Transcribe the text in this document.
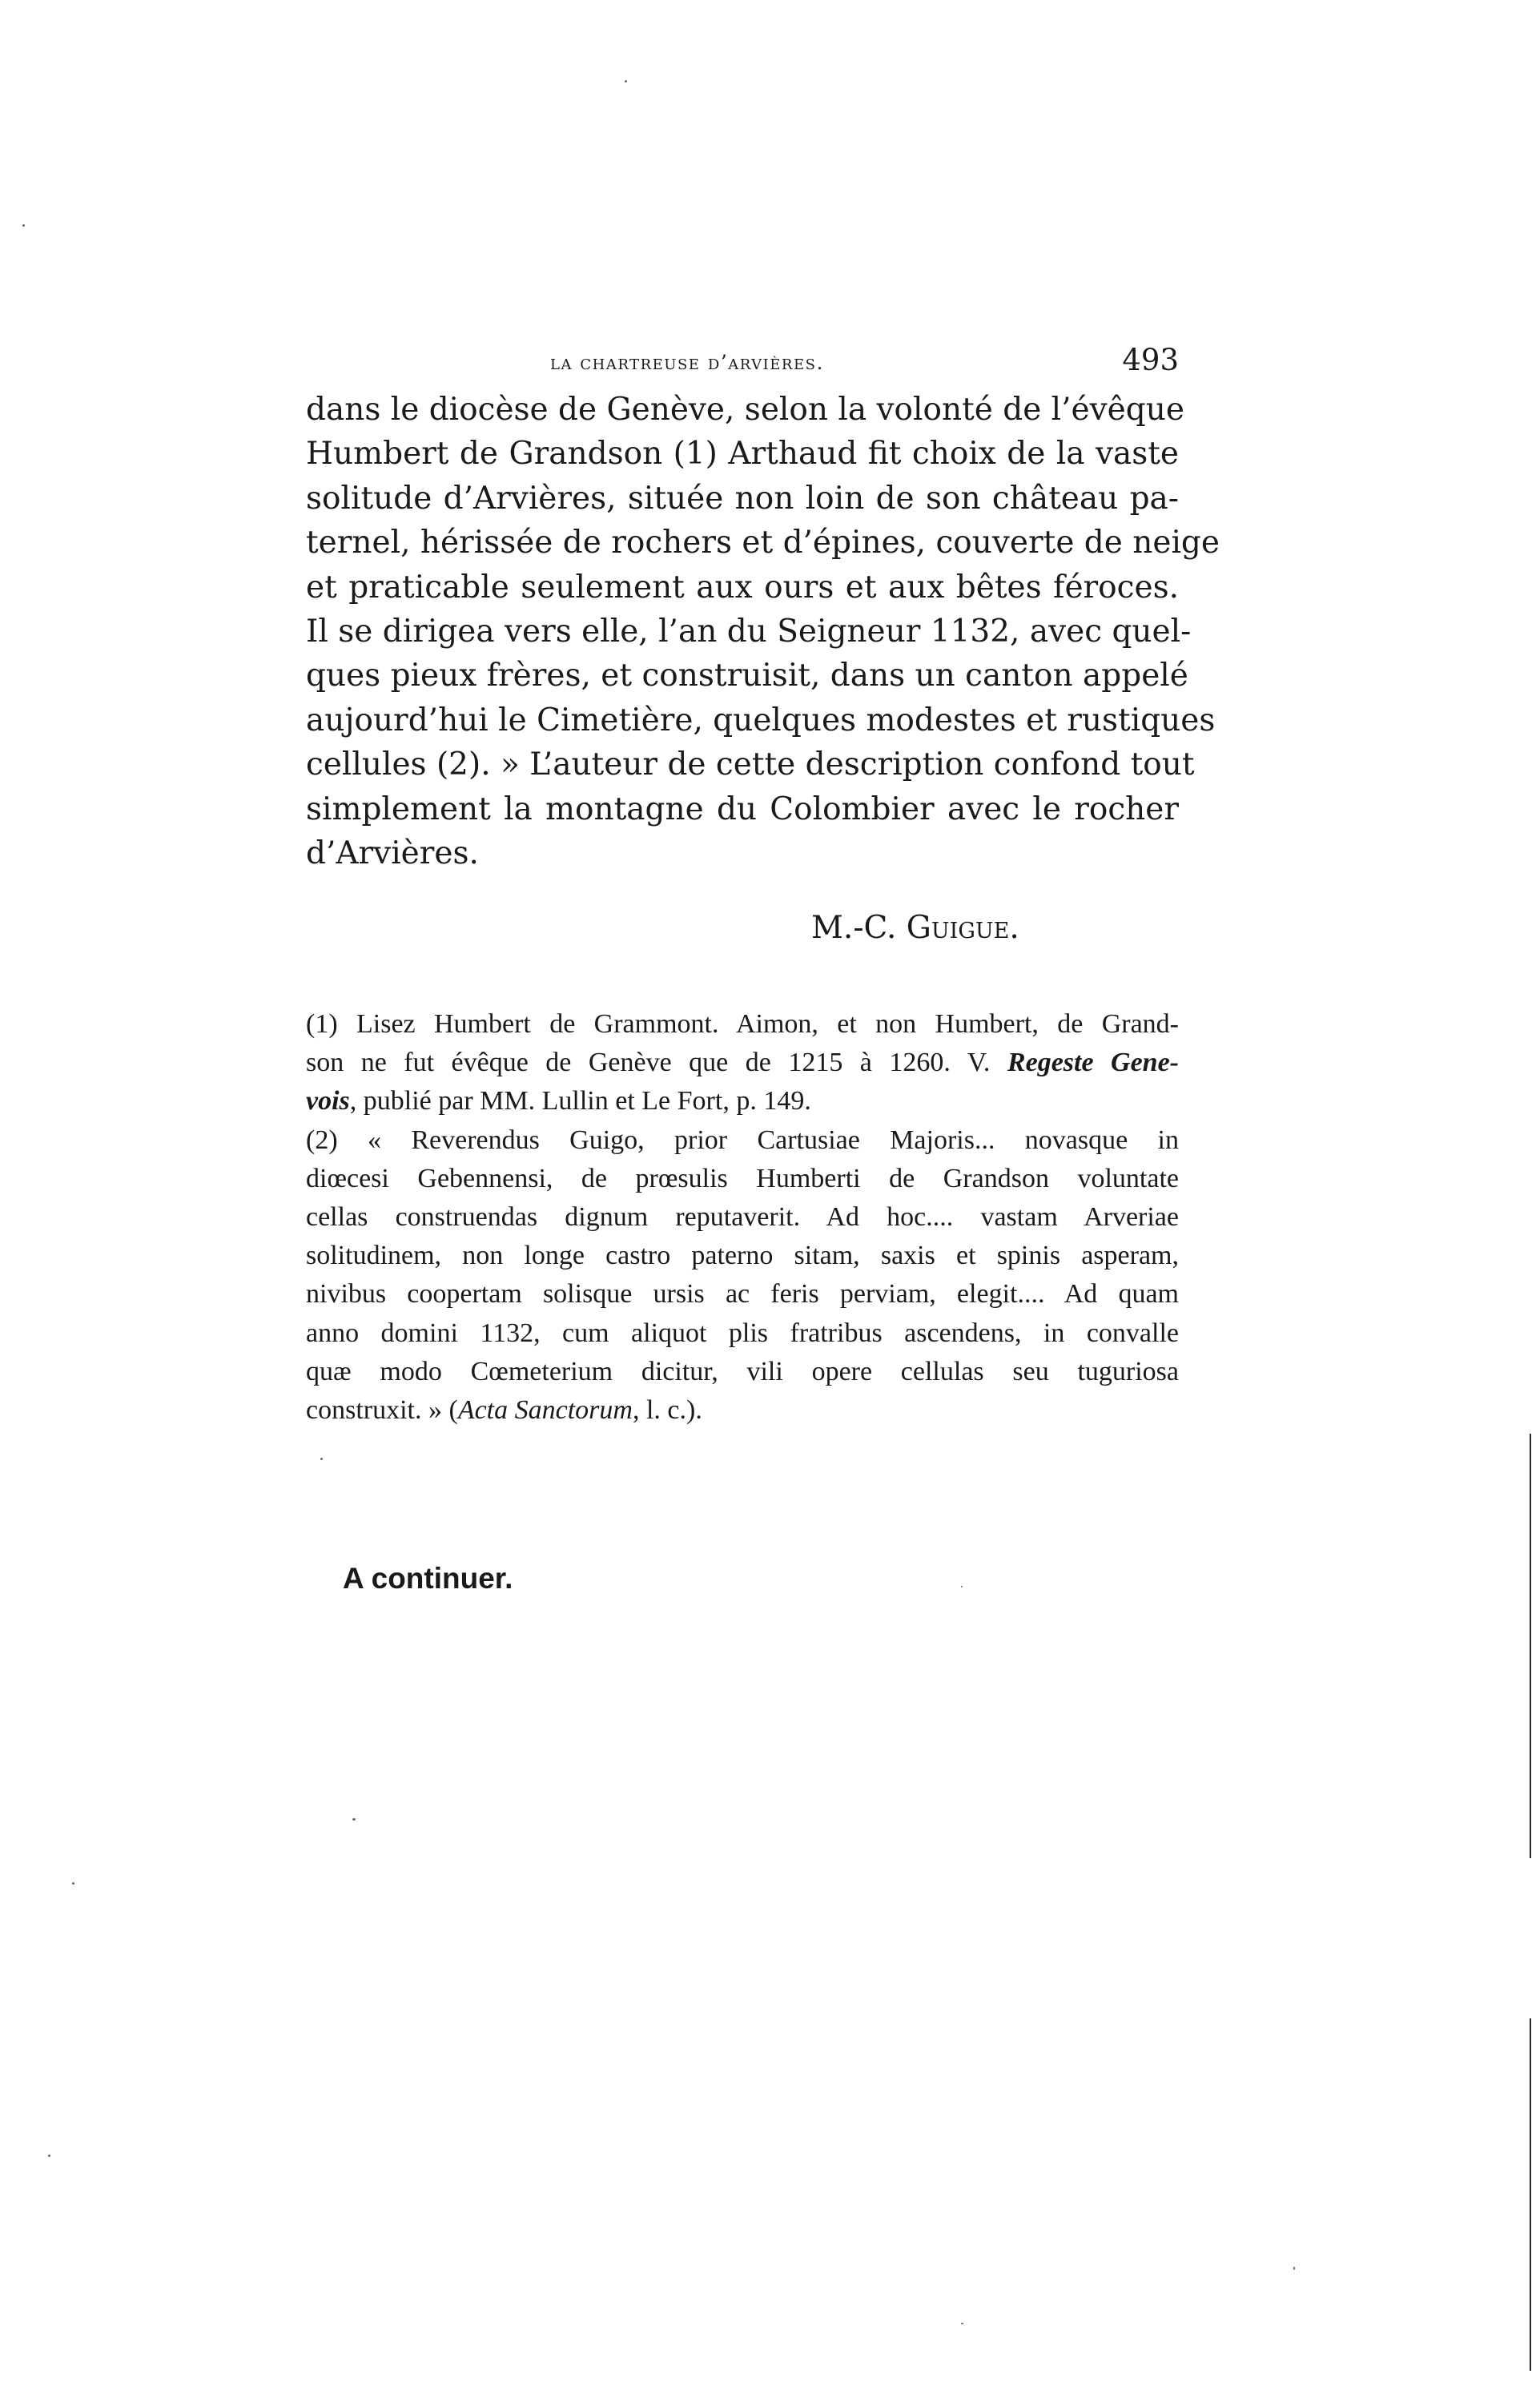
la chartreuse d’arvières.	493
dans le diocèse de Genève, selon la volonté de l’évêque
Humbert de Grandson (1) Arthaud fit choix de la vaste
solitude d’Arvières, située non loin de son château pa-
ternel, hérissée de rochers et d’épines, couverte de neige
et praticable seulement aux ours et aux bêtes féroces.
Il se dirigea vers elle, l’an du Seigneur 1132, avec quel-
ques pieux frères, et construisit, dans un canton appelé
aujourd’hui le Cimetière, quelques modestes et rustiques
cellules (2). » L’auteur de cette description confond tout
simplement la montagne du Colombier avec le rocher
d’Arvières.
M.-C. Guigue.
(1) Lisez Humbert de Grammont. Aimon, et non Humbert, de Grand-
son ne fut évêque de Genève que de 1215 à 1260. V. Regeste Gene-
vois, publié par MM. Lullin et Le Fort, p. 149.
(2) « Reverendus Guigo, prior Cartusiae Majoris... novasque in
diœcesi Gebennensi, de prœsulis Humberti de Grandson voluntate
cellas construendas dignum reputaverit. Ad hoc.... vastam Arveriae
solitudinem, non longe castro paterno sitam, saxis et spinis asperam,
nivibus coopertam solisque ursis ac feris perviam, elegit.... Ad quam
anno domini 1132, cum aliquot plis fratribus ascendens, in convalle
quæ modo Cœmeterium dicitur, vili opere cellulas seu tuguriosa
construxit. » (Acta Sanctorum, l. c.).
A continuer.
